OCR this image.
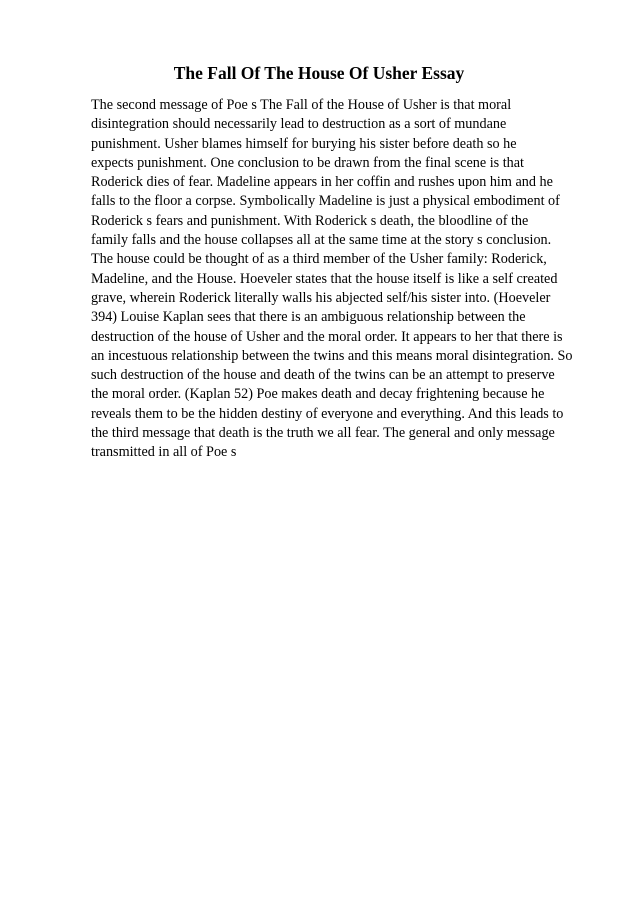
The Fall Of The House Of Usher Essay
The second message of Poe s The Fall of the House of Usher is that moral
disintegration should necessarily lead to destruction as a sort of mundane
punishment. Usher blames himself for burying his sister before death so he
expects punishment. One conclusion to be drawn from the final scene is that
Roderick dies of fear. Madeline appears in her coffin and rushes upon him and he
falls to the floor a corpse. Symbolically Madeline is just a physical embodiment of
Roderick s fears and punishment. With Roderick s death, the bloodline of the
family falls and the house collapses all at the same time at the story s conclusion.
The house could be thought of as a third member of the Usher family: Roderick,
Madeline, and the House. Hoeveler states that the house itself is like a self created
grave, wherein Roderick literally walls his abjected self/his sister into. (Hoeveler
394) Louise Kaplan sees that there is an ambiguous relationship between the
destruction of the house of Usher and the moral order. It appears to her that there is
an incestuous relationship between the twins and this means moral disintegration. So
such destruction of the house and death of the twins can be an attempt to preserve
the moral order. (Kaplan 52) Poe makes death and decay frightening because he
reveals them to be the hidden destiny of everyone and everything. And this leads to
the third message that death is the truth we all fear. The general and only message
transmitted in all of Poe s
